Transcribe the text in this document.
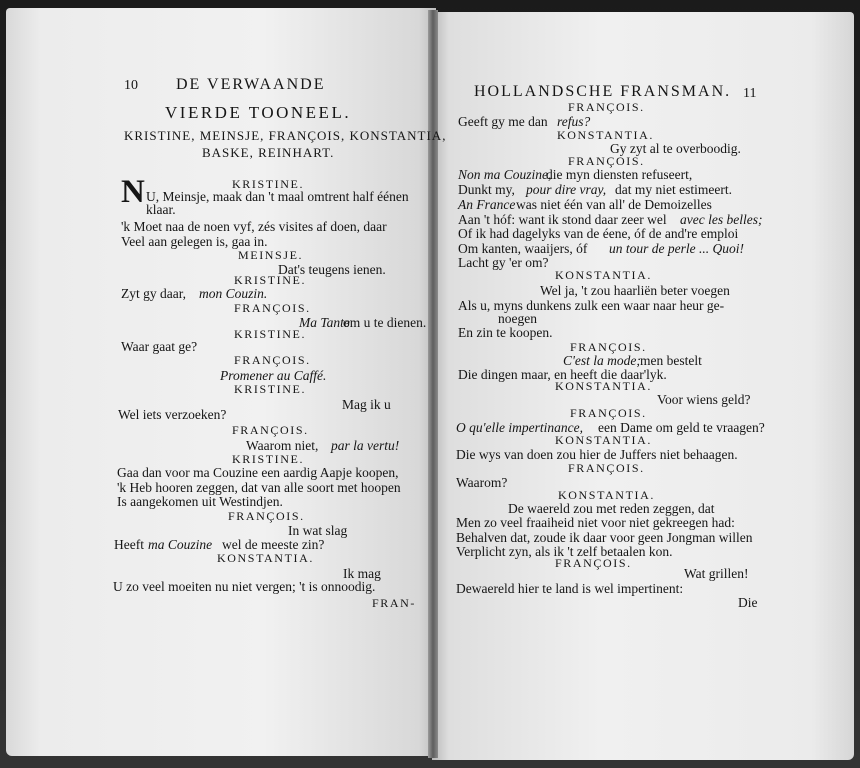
10 DE VERWAANDE
VIERDE TOONEEL.
KRISTINE, MEINSJE, FRANÇOIS, KONSTANTIA,
BASKE, REINHART.
KRISTINE.
N U, Meinsje, maak dan 't maal omtrent half éénen
klaar.
'k Moet naa de noen vyf, zés visites af doen, daar
Veel aan gelegen is, gaa in.
MEINSJE.
Dat's teugens ienen.
KRISTINE.
Zyt gy daar, mon Couzin.
FRANÇOIS.
Ma Tante
om u te dienen.
KRISTINE.
Waar gaat ge?
FRANÇOIS.
Promener au Caffé.
KRISTINE.
Mag ik u
Wel iets verzoeken?
FRANÇOIS.
Waarom niet, par la vertu!
KRISTINE.
Gaa dan voor ma Couzine een aardig Aapje koopen,
'k Heb hooren zeggen, dat van alle soort met hoopen
Is aangekomen uit Westindjen.
FRANÇOIS.
In wat slag
Heeft ma Couzine wel de meeste zin?
KONSTANTIA.
Ik mag
U zo veel moeiten nu niet vergen; 't is onnoodig.
FRAN-
HOLLANDSCHE FRANSMAN. 11
FRANÇOIS.
Geeft gy me dan refus?
KONSTANTIA.
Gy zyt al te overboodig.
FRANÇOIS.
Non ma Couzine,
die myn diensten refuseert,
Dunkt my, pour dire vray, dat my niet estimeert.
An France was niet één van all' de Demoizelles
Aan 't hóf: want ik stond daar zeer wel avec les belles;
Of ik had dagelyks van de éene, óf de and're emploi
Om kanten, waaijers, óf un tour de perle ... Quoi!
Lacht gy 'er om?
KONSTANTIA.
Wel ja, 't zou haarliën beter voegen
Als u, myns dunkens zulk een waar naar heur ge-
noegen
En zin te koopen.
FRANÇOIS.
C'est la mode; men bestelt
Die dingen maar, en heeft die daar'lyk.
KONSTANTIA.
Voor wiens geld?
FRANÇOIS.
O qu'elle impertinance, een Dame om geld te vraagen?
KONSTANTIA.
Die wys van doen zou hier de Juffers niet behaagen.
FRANÇOIS.
Waarom?
KONSTANTIA.
De waereld zou met reden zeggen, dat
Men zo veel fraaiheid niet voor niet gekreegen had:
Behalven dat, zoude ik daar voor geen Jongman willen
Verplicht zyn, als ik 't zelf betaalen kon.
FRANÇOIS.
Wat grillen!
Dewaereld hier te land is wel impertinent:
Die
